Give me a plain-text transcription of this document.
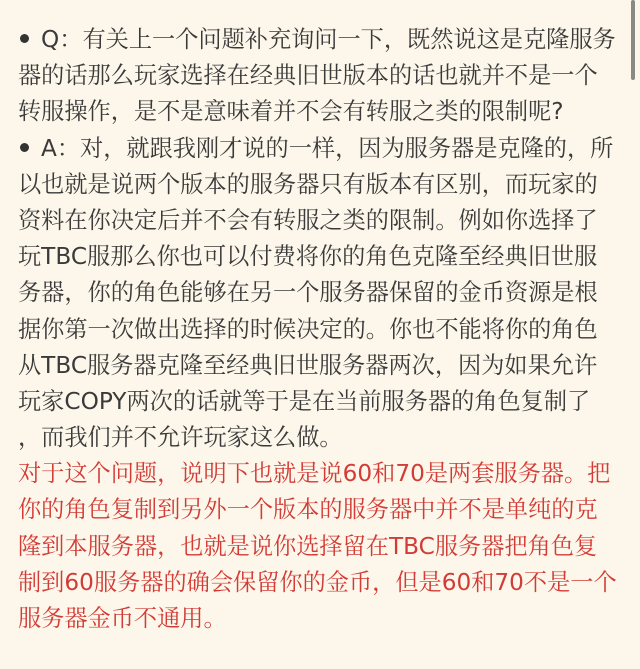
Q：有关上一个问题补充询问一下，既然说这是克隆服务
器的话那么玩家选择在经典旧世版本的话也就并不是一个
转服操作，是不是意味着并不会有转服之类的限制呢?
A：对，就跟我刚才说的一样，因为服务器是克隆的，所
以也就是说两个版本的服务器只有版本有区别，而玩家的
资料在你决定后并不会有转服之类的限制。例如你选择了
玩TBC服那么你也可以付费将你的角色克隆至经典旧世服
务器，你的角色能够在另一个服务器保留的金币资源是根
据你第一次做出选择的时候决定的。你也不能将你的角色
从TBC服务器克隆至经典旧世服务器两次，因为如果允许
玩家COPY两次的话就等于是在当前服务器的角色复制了
，而我们并不允许玩家这么做。
对于这个问题，说明下也就是说60和70是两套服务器。把
你的角色复制到另外一个版本的服务器中并不是单纯的克
隆到本服务器，也就是说你选择留在TBC服务器把角色复
制到60服务器的确会保留你的金币，但是60和70不是一个
服务器金币不通用。
